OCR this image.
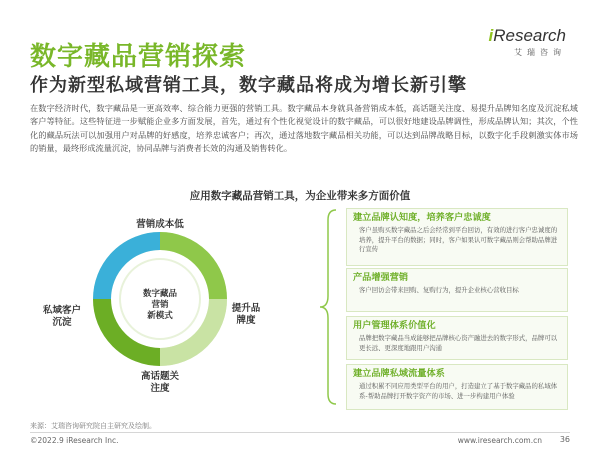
数字藏品营销探索
iResearch
艾瑞咨询
作为新型私域营销工具，数字藏品将成为增长新引擎
在数字经济时代，数字藏品是一更高效率、综合能力更强的营销工具。数字藏品本身就具备营销成本低，高话题关注度、易提升品牌知名度及沉淀私域客户等特征。这些特征进一步赋能企业多方面发展，首先，通过有个性化视觉设计的数字藏品，可以很好地建设品牌调性，形成品牌认知；其次，个性化的藏品玩法可以加强用户对品牌的好感度，培养忠诚客户；再次，通过落地数字藏品相关功能，可以达到品牌战略目标，以数字化手段刺激实体市场的销量，最终形成流量沉淀，协同品牌与消费者长效的沟通及销售转化。
应用数字藏品营销工具，为企业带来多方面价值
数字藏品
营销
新模式
营销成本低
提升品
牌度
高话题关
注度
私域客户
沉淀
建立品牌认知度，培养客户忠诚度
客户虽购买数字藏品之后会经常到平台回访，有效的进行客户忠诚度的培养，提升平台的数据；同时，客户如果认可数字藏品则会帮助品牌进行宣传
产品增强营销
客户回访会带来回购、复购行为，提升企业核心营收目标
用户管理体系价值化
品牌把数字藏品当成能够把品牌核心资产融进去的数字形式，品牌可以更长远、更深度地跟用户沟通
建立品牌私域流量体系
通过积累不同应用类型平台的用户，打造建立了基于数字藏品的私域体系-帮助品牌打开数字资产的市场、进一步构建用户体验
来源：艾瑞咨询研究院自主研究及绘制。
©2022.9 iResearch Inc.	www.iresearch.com.cn 36
